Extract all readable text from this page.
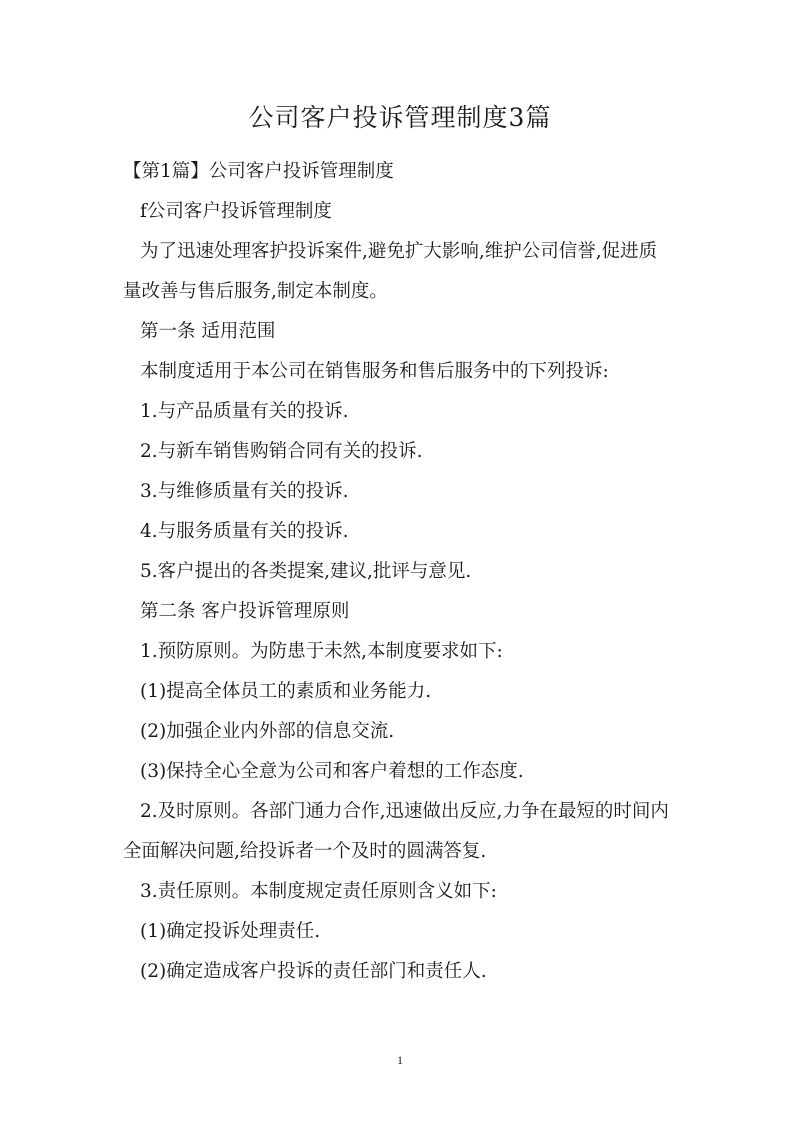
公司客户投诉管理制度3篇

【第1篇】公司客户投诉管理制度

f公司客户投诉管理制度

为了迅速处理客护投诉案件,避免扩大影响,维护公司信誉,促进质

量改善与售后服务,制定本制度。

第一条 适用范围

本制度适用于本公司在销售服务和售后服务中的下列投诉:

1.与产品质量有关的投诉.

2.与新车销售购销合同有关的投诉.

3.与维修质量有关的投诉.

4.与服务质量有关的投诉.

5.客户提出的各类提案,建议,批评与意见.

第二条 客户投诉管理原则

1.预防原则。为防患于未然,本制度要求如下:

(1)提高全体员工的素质和业务能力.

(2)加强企业内外部的信息交流.

(3)保持全心全意为公司和客户着想的工作态度.

2.及时原则。各部门通力合作,迅速做出反应,力争在最短的时间内

全面解决问题,给投诉者一个及时的圆满答复.

3.责任原则。本制度规定责任原则含义如下:

(1)确定投诉处理责任.

(2)确定造成客户投诉的责任部门和责任人.

1
